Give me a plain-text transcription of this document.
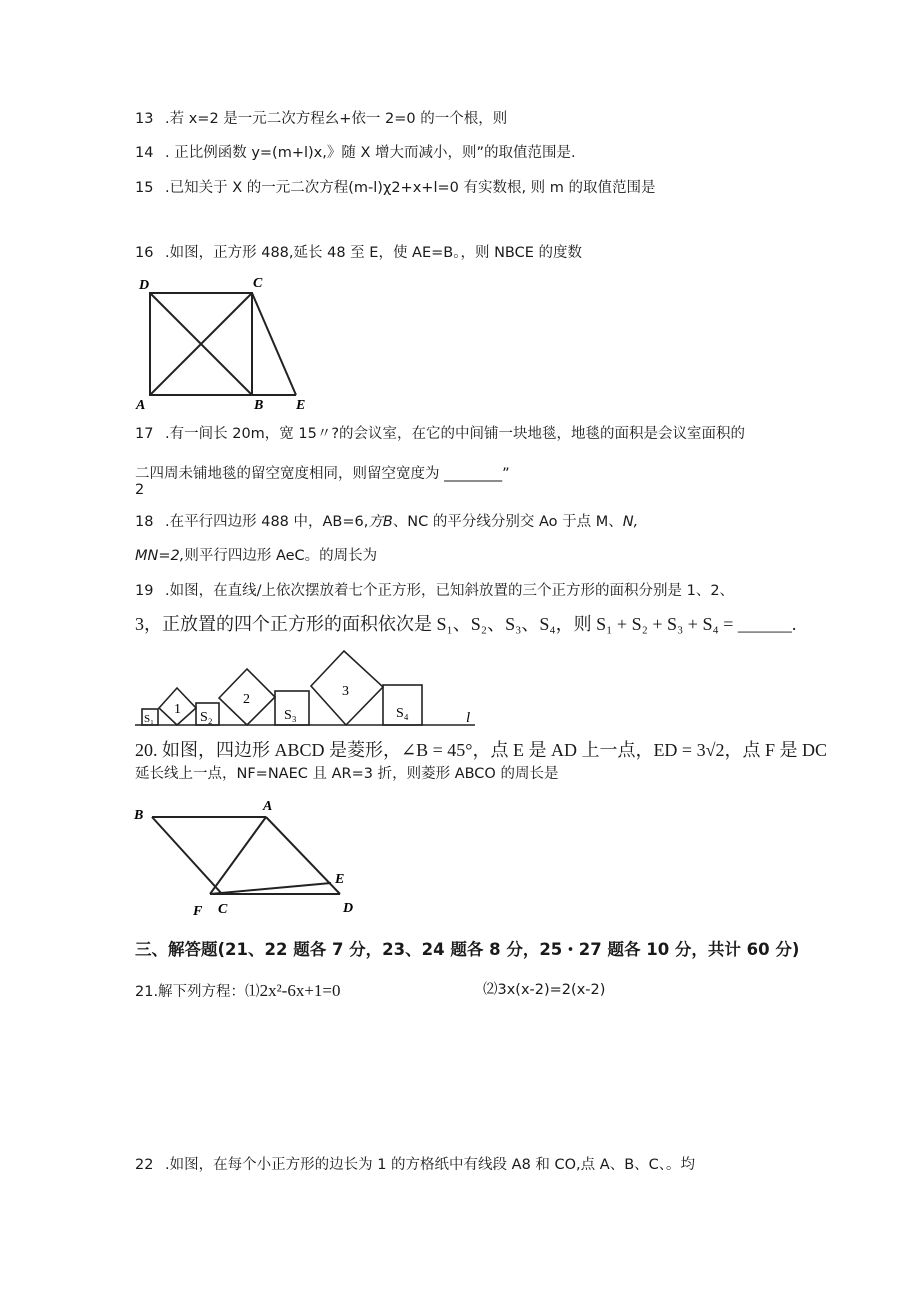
13 .若 x=2 是一元二次方程幺+依一 2=0 的一个根，则
14 . 正比例函数 y=(m+l)x,》随 X 增大而减小，则”的取值范围是.
15 .已知关于 X 的一元二次方程(m-l)χ2+x+l=0 有实数根, 则 m 的取值范围是
16 .如图，正方形 488,延长 48 至 E，使 AE=B。，则 NBCE 的度数
D	C
A	B E
17 .有一间长 20m，宽 15〃?的会议室，在它的中间铺一块地毯，地毯的面积是会议室面积的
二四周未铺地毯的留空宽度相同，则留空宽度为 ________”
2
18 .在平行四边形 488 中，AB=6,方B、NC 的平分线分别交 Ao 于点 M、N,
MN=2,则平行四边形 AeC。的周长为
19 .如图，在直线/上依次摆放着七个正方形，已知斜放置的三个正方形的面积分别是 1、2、
3，正放置的四个正方形的面积依次是 S₁、S₂、S₃、S₄，则 S₁ + S₂ + S₃ + S₄ = ______.
S₁
1
S₂
2
S₃
3
S₄	l
20. 如图，四边形 ABCD 是菱形，∠B = 45°，点 E 是 AD 上一点，ED = 3√2，点 F 是 DC
延长线上一点，NF=NAEC 且 AR=3 折，则菱形 ABCO 的周长是
B
A
E
F C	D
三、解答题(21、22 题各 7 分，23、24 题各 8 分，25・27 题各 10 分，共计 60 分)
21.解下列方程：⑴2x²-6x+1=0	⑵3x(x-2)=2(x-2)
22 .如图，在每个小正方形的边长为 1 的方格纸中有线段 A8 和 CO,点 A、B、C、。均
